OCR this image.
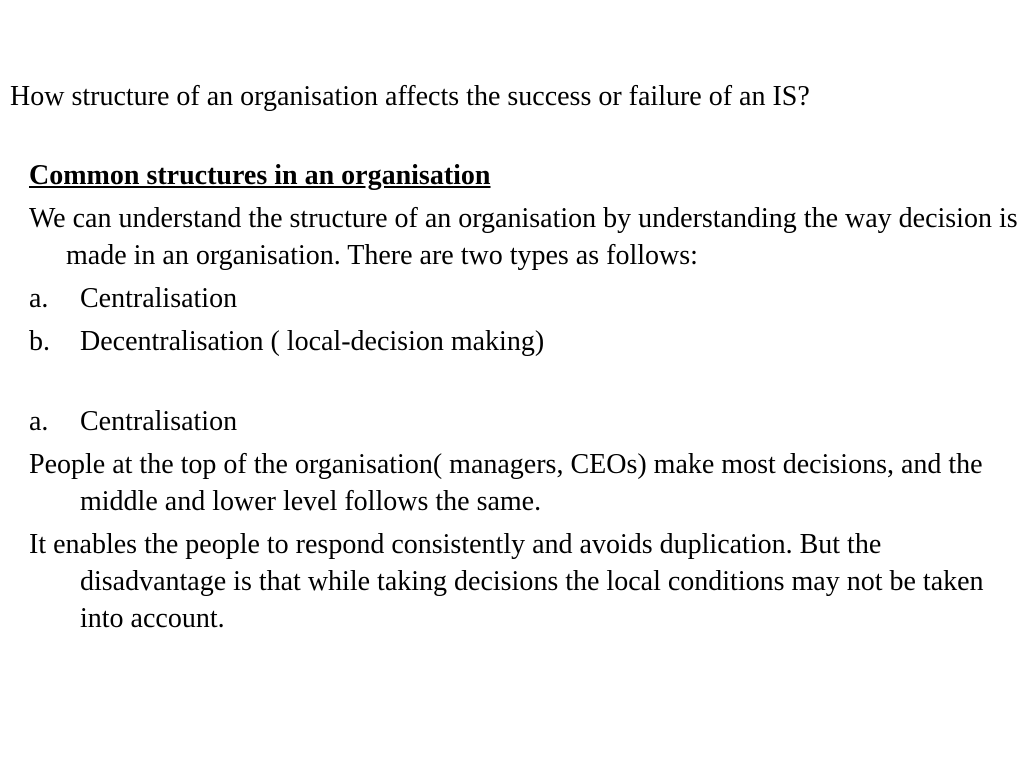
How structure of an organisation affects the success or failure of an IS?
Common structures in an organisation
We can understand the structure of an organisation by understanding the way decision is made in an organisation. There are two types as follows:
a.	Centralisation
b.	Decentralisation ( local-decision making)
a.	Centralisation
People at the top of the organisation( managers, CEOs) make most decisions, and the middle and lower level follows the same.
It enables the people to respond consistently and avoids duplication. But the disadvantage is that while taking decisions the local conditions may not be taken into account.
